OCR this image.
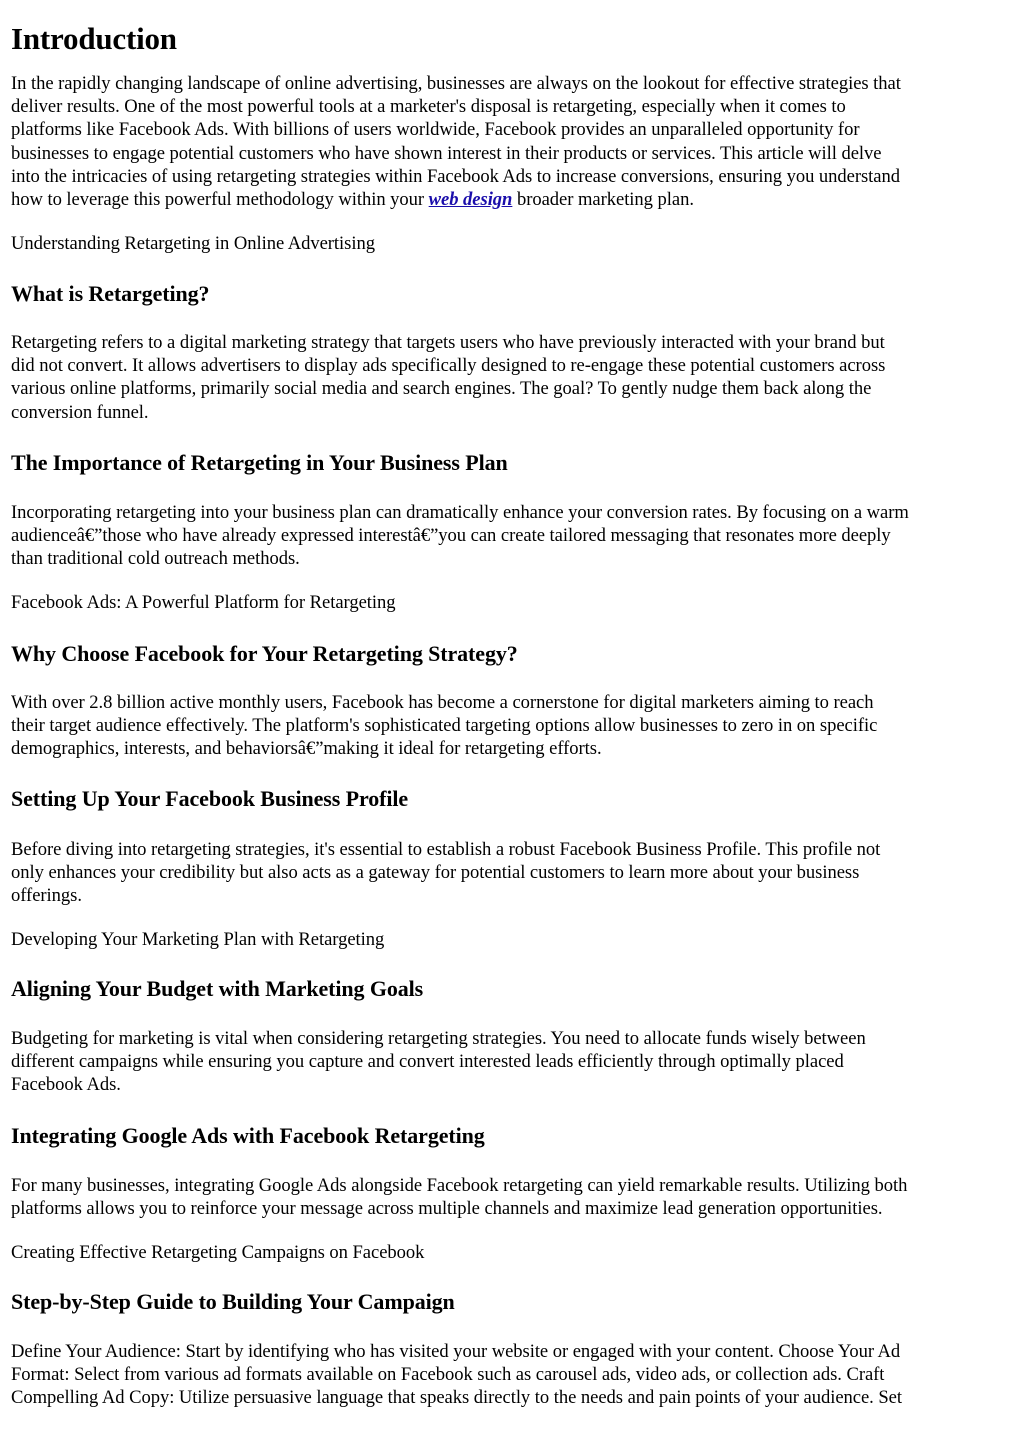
Introduction

In the rapidly changing landscape of online advertising, businesses are always on the lookout for effective strategies that

deliver results. One of the most powerful tools at a marketer's disposal is retargeting, especially when it comes to

platforms like Facebook Ads. With billions of users worldwide, Facebook provides an unparalleled opportunity for

businesses to engage potential customers who have shown interest in their products or services. This article will delve

into the intricacies of using retargeting strategies within Facebook Ads to increase conversions, ensuring you understand

how to leverage this powerful methodology within your web design broader marketing plan.

Understanding Retargeting in Online Advertising

What is Retargeting?

Retargeting refers to a digital marketing strategy that targets users who have previously interacted with your brand but

did not convert. It allows advertisers to display ads specifically designed to re-engage these potential customers across

various online platforms, primarily social media and search engines. The goal? To gently nudge them back along the

conversion funnel.

The Importance of Retargeting in Your Business Plan

Incorporating retargeting into your business plan can dramatically enhance your conversion rates. By focusing on a warm

audienceâ€”those who have already expressed interestâ€”you can create tailored messaging that resonates more deeply

than traditional cold outreach methods.

Facebook Ads: A Powerful Platform for Retargeting

Why Choose Facebook for Your Retargeting Strategy?

With over 2.8 billion active monthly users, Facebook has become a cornerstone for digital marketers aiming to reach

their target audience effectively. The platform's sophisticated targeting options allow businesses to zero in on specific

demographics, interests, and behaviorsâ€”making it ideal for retargeting efforts.

Setting Up Your Facebook Business Profile

Before diving into retargeting strategies, it's essential to establish a robust Facebook Business Profile. This profile not

only enhances your credibility but also acts as a gateway for potential customers to learn more about your business

offerings.

Developing Your Marketing Plan with Retargeting

Aligning Your Budget with Marketing Goals

Budgeting for marketing is vital when considering retargeting strategies. You need to allocate funds wisely between

different campaigns while ensuring you capture and convert interested leads efficiently through optimally placed

Facebook Ads.

Integrating Google Ads with Facebook Retargeting

For many businesses, integrating Google Ads alongside Facebook retargeting can yield remarkable results. Utilizing both

platforms allows you to reinforce your message across multiple channels and maximize lead generation opportunities.

Creating Effective Retargeting Campaigns on Facebook

Step-by-Step Guide to Building Your Campaign

Define Your Audience: Start by identifying who has visited your website or engaged with your content. Choose Your Ad

Format: Select from various ad formats available on Facebook such as carousel ads, video ads, or collection ads. Craft

Compelling Ad Copy: Utilize persuasive language that speaks directly to the needs and pain points of your audience. Set
